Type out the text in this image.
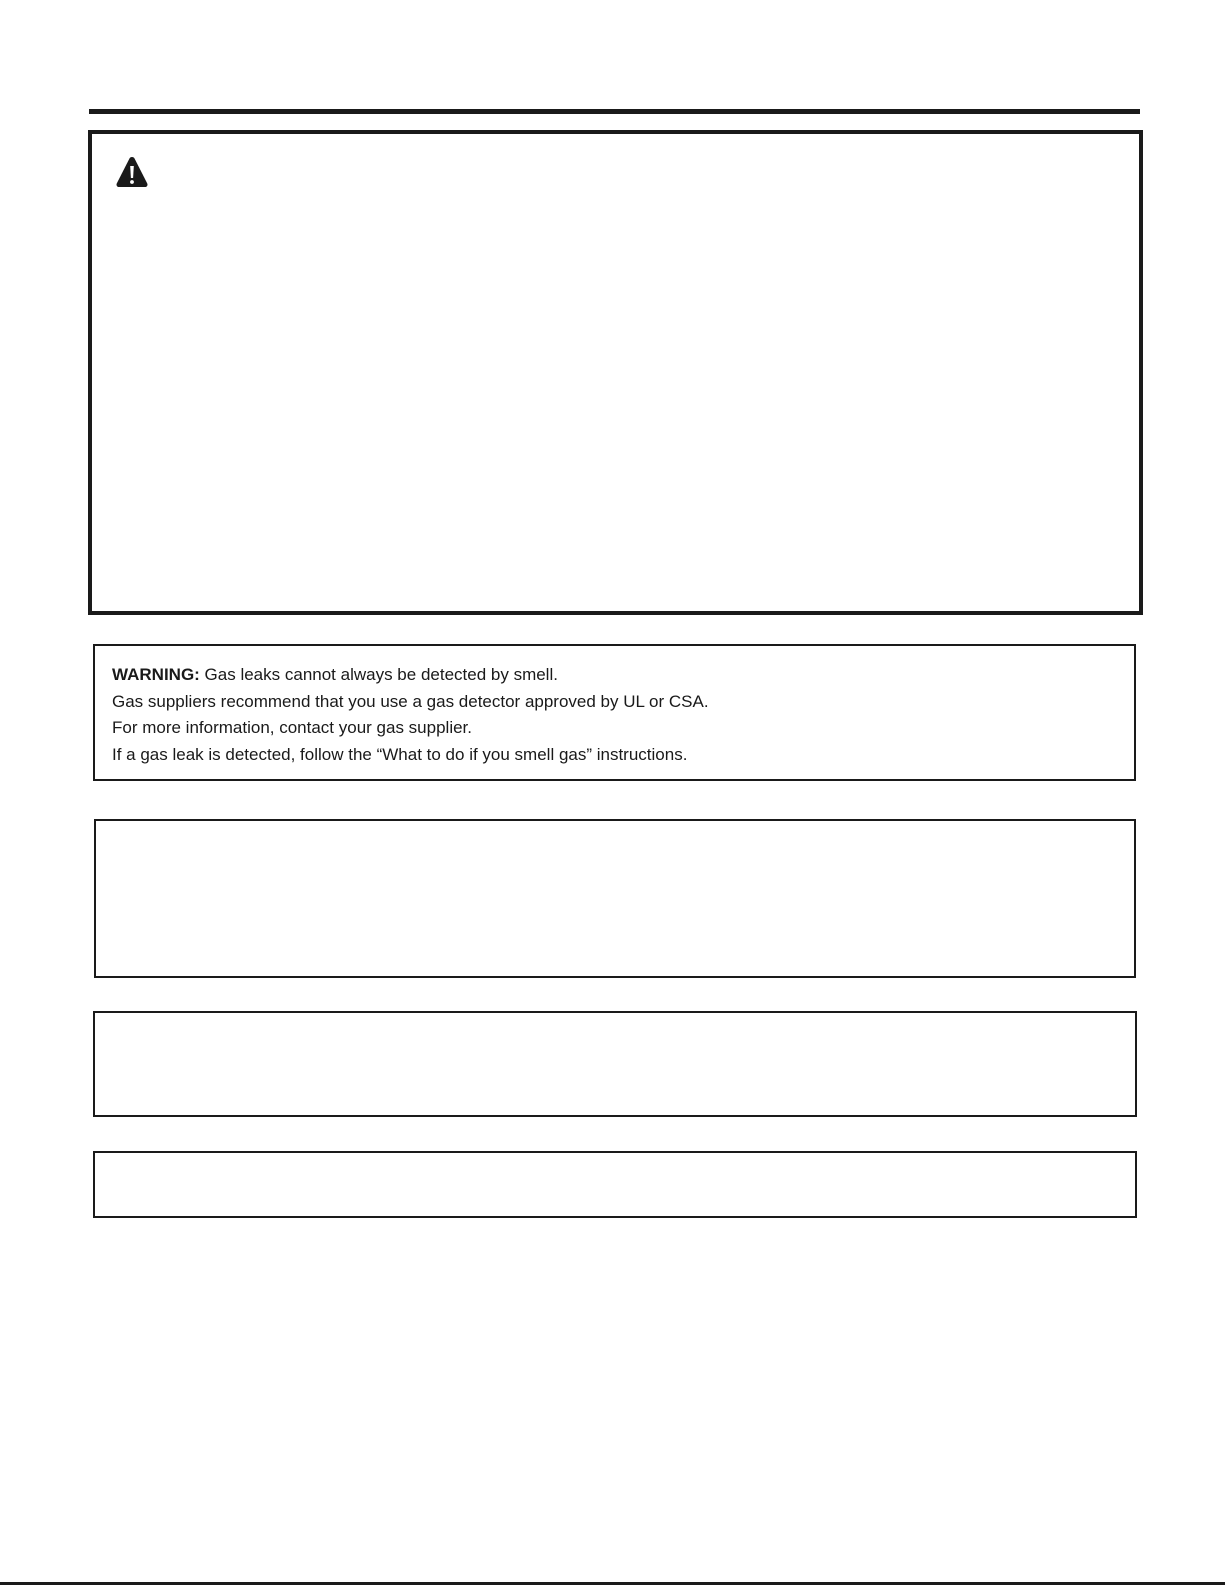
WARNING: Gas leaks cannot always be detected by smell.
Gas suppliers recommend that you use a gas detector approved by UL or CSA.
For more information, contact your gas supplier.
If a gas leak is detected, follow the “What to do if you smell gas” instructions.
